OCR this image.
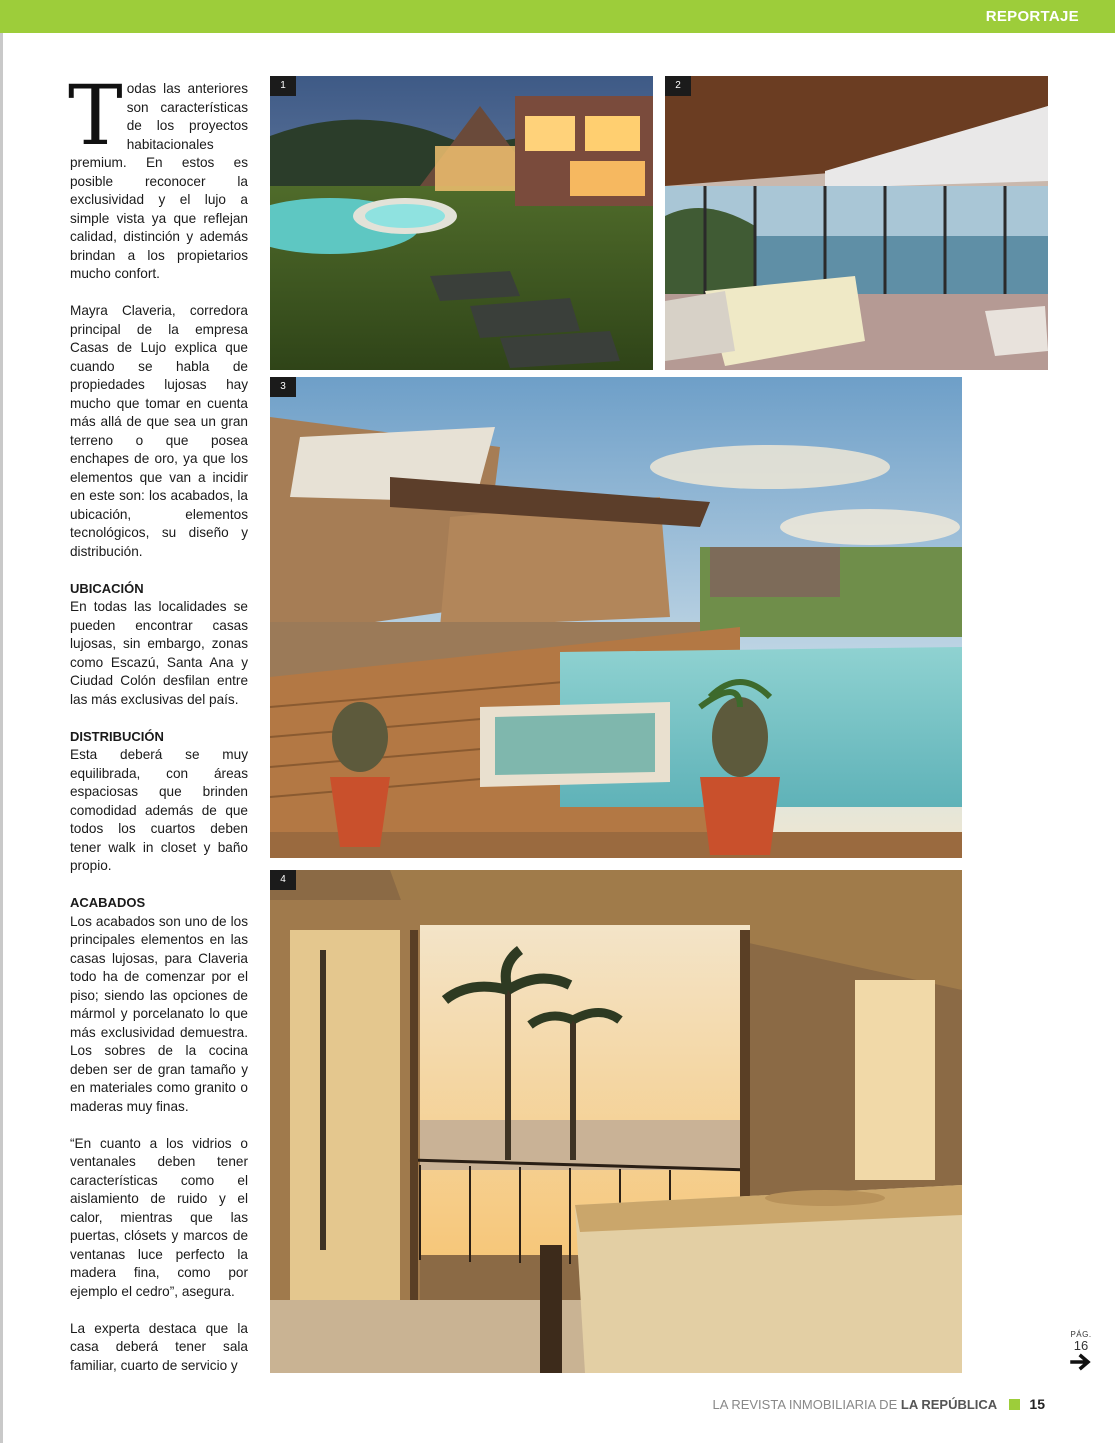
REPORTAJE

Todas las anteriores son características de los proyectos habitacionales premium. En estos es posible reconocer la exclusividad y el lujo a simple vista ya que reflejan calidad, distinción y además brindan a los propietarios mucho confort.

Mayra Claveria, corredora principal de la empresa Casas de Lujo explica que cuando se habla de propiedades lujosas hay mucho que tomar en cuenta más allá de que sea un gran terreno o que posea enchapes de oro, ya que los elementos que van a incidir en este son: los acabados, la ubicación, elementos tecnológicos, su diseño y distribución.

UBICACIÓN
En todas las localidades se pueden encontrar casas lujosas, sin embargo, zonas como Escazú, Santa Ana y Ciudad Colón desfilan entre las más exclusivas del país.

DISTRIBUCIÓN
Esta deberá se muy equilibrada, con áreas espaciosas que brinden comodidad además de que todos los cuartos deben tener walk in closet y baño propio.

ACABADOS
Los acabados son uno de los principales elementos en las casas lujosas, para Claveria todo ha de comenzar por el piso; siendo las opciones de mármol y porcelanato lo que más exclusividad demuestra. Los sobres de la cocina deben ser de gran tamaño y en materiales como granito o maderas muy finas.

“En cuanto a los vidrios o ventanales deben tener características como el aislamiento de ruido y el calor, mientras que las puertas, clósets y marcos de ventanas luce perfecto la madera fina, como por ejemplo el cedro”, asegura.

La experta destaca que la casa deberá tener sala familiar, cuarto de servicio y

1	2
3
4
PÁG.
16
LA REVISTA INMOBILIARIA DE LA REPÚBLICA 15
